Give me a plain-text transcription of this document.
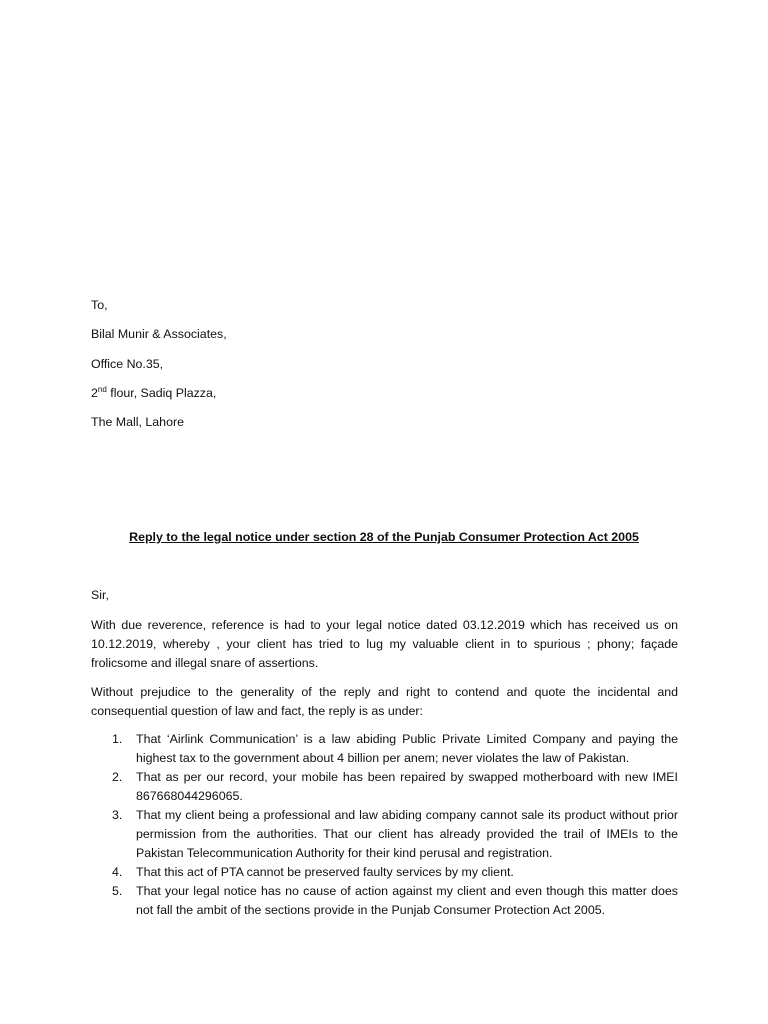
To,
Bilal Munir & Associates,
Office No.35,
2nd flour, Sadiq Plazza,
The Mall, Lahore
Reply to the legal notice under section 28 of the Punjab Consumer Protection Act 2005
Sir,
With due reverence, reference is had to your legal notice dated 03.12.2019 which has received us on 10.12.2019, whereby , your client has tried to lug my valuable client in to spurious ; phony; façade frolicsome and illegal snare of assertions.
Without prejudice to the generality of the reply and right to contend and quote the incidental and consequential question of law and fact, the reply is as under:
1. That ‘Airlink Communication’ is a law abiding Public Private Limited Company and paying the highest tax to the government about 4 billion per anem; never violates the law of Pakistan.
2. That as per our record, your mobile has been repaired by swapped motherboard with new IMEI 867668044296065.
3. That my client being a professional and law abiding company cannot sale its product without prior permission from the authorities. That our client has already provided the trail of IMEIs to the Pakistan Telecommunication Authority for their kind perusal and registration.
4. That this act of PTA cannot be preserved faulty services by my client.
5. That your legal notice has no cause of action against my client and even though this matter does not fall the ambit of the sections provide in the Punjab Consumer Protection Act 2005.
